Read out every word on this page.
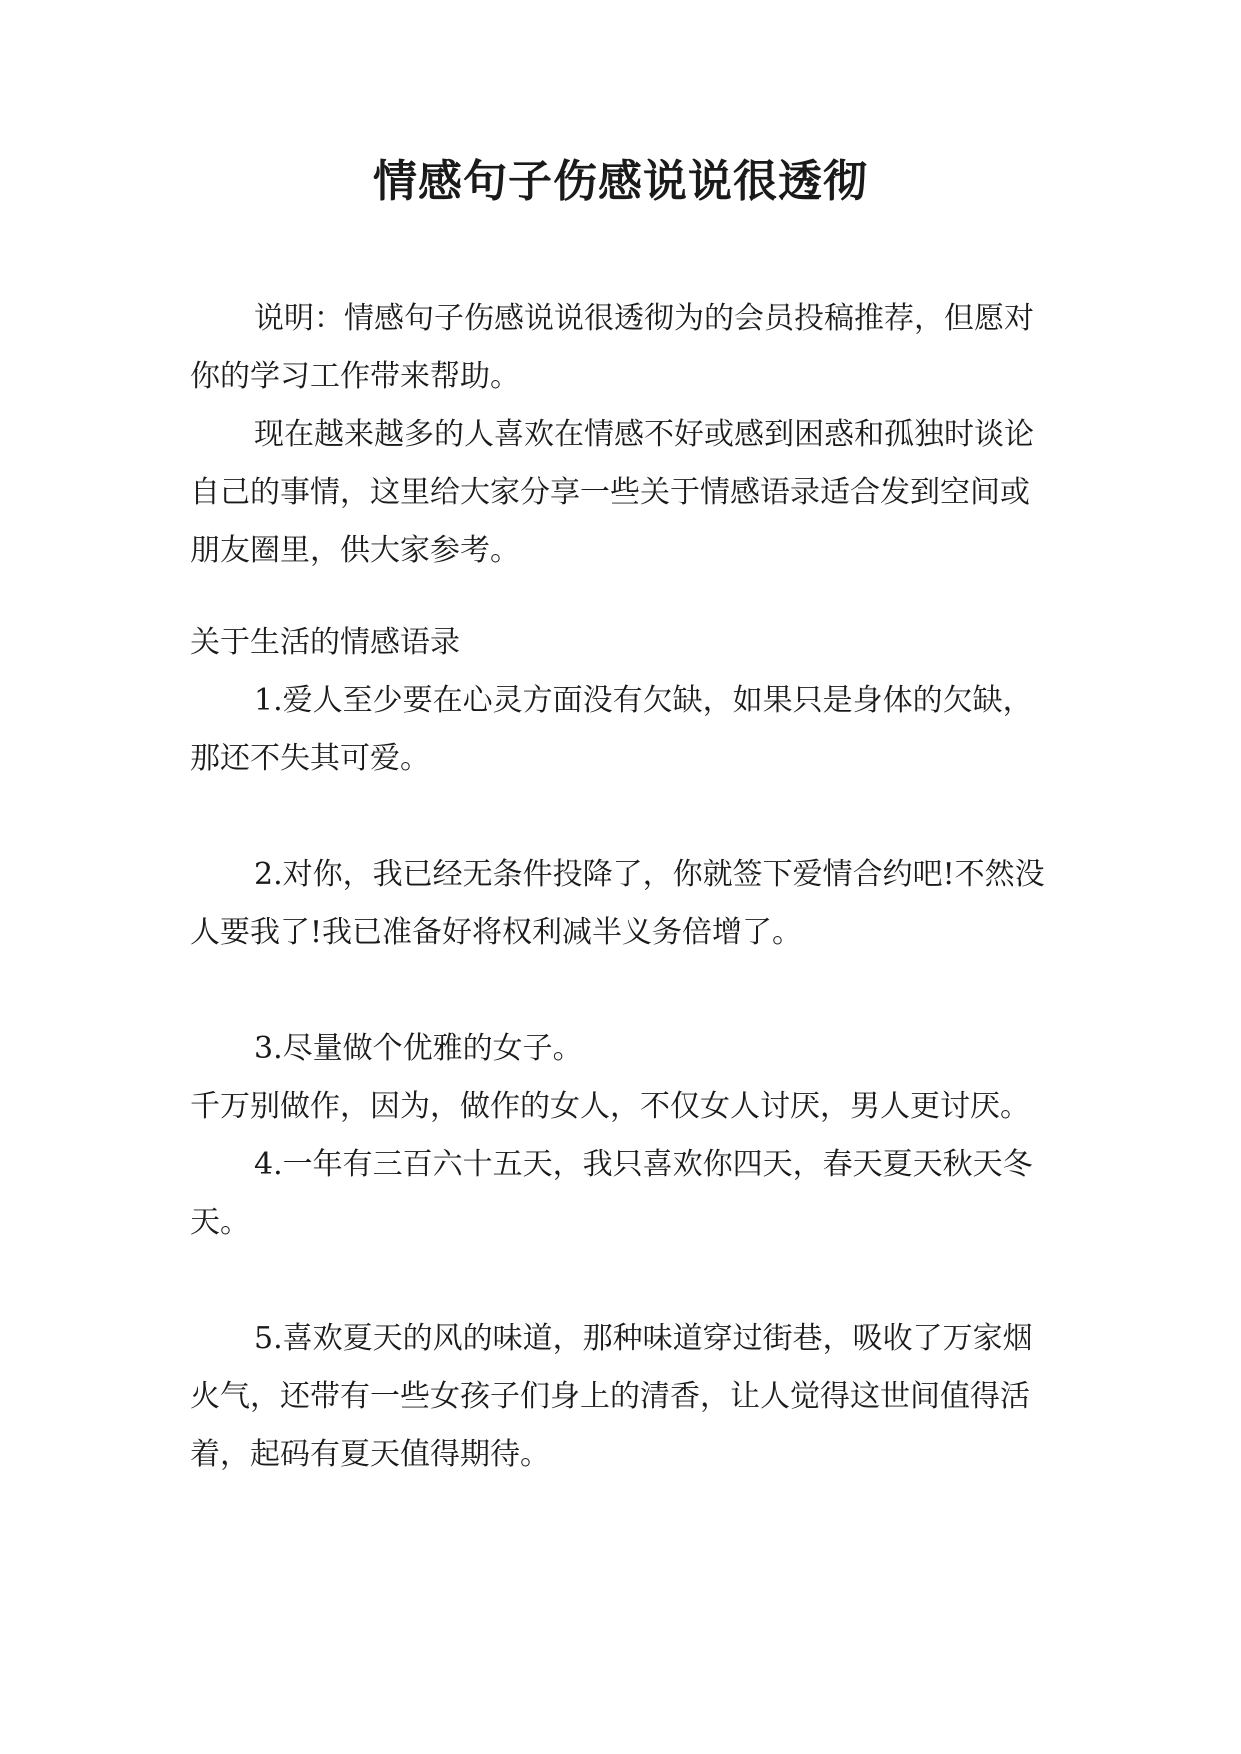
情感句子伤感说说很透彻

说明：情感句子伤感说说很透彻为的会员投稿推荐，但愿对你的学习工作带来帮助。

现在越来越多的人喜欢在情感不好或感到困惑和孤独时谈论自己的事情，这里给大家分享一些关于情感语录适合发到空间或朋友圈里，供大家参考。

关于生活的情感语录

1.爱人至少要在心灵方面没有欠缺，如果只是身体的欠缺，那还不失其可爱。

2.对你，我已经无条件投降了，你就签下爱情合约吧!不然没人要我了!我已准备好将权利减半义务倍增了。

3.尽量做个优雅的女子。

千万别做作，因为，做作的女人，不仅女人讨厌，男人更讨厌。

4.一年有三百六十五天，我只喜欢你四天，春天夏天秋天冬天。

5.喜欢夏天的风的味道，那种味道穿过街巷，吸收了万家烟火气，还带有一些女孩子们身上的清香，让人觉得这世间值得活着，起码有夏天值得期待。
